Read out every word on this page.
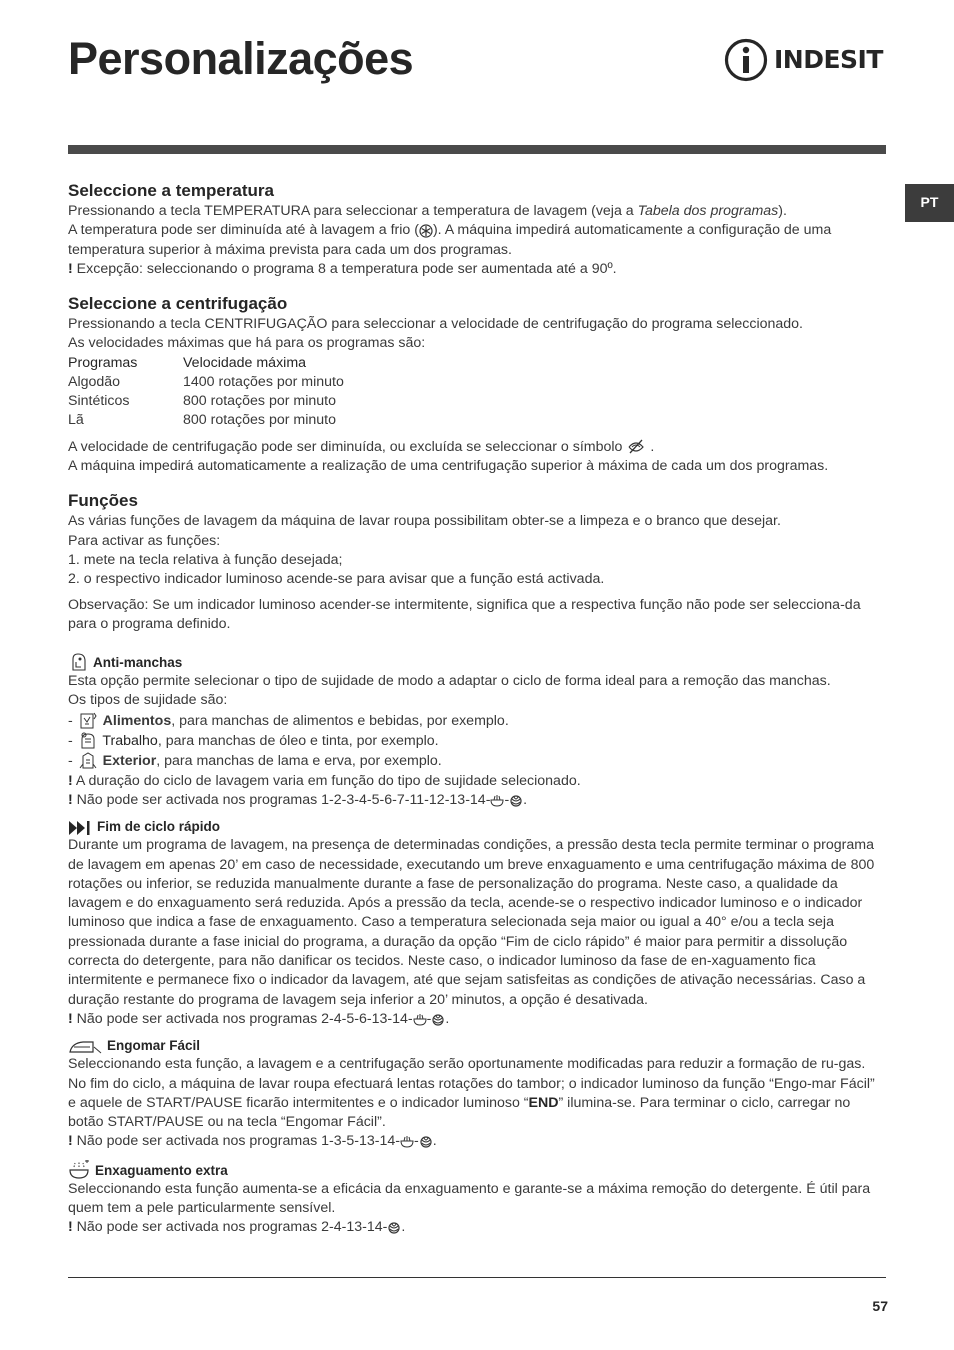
Personalizações	INDESIT
PT
Seleccione a temperatura

Pressionando a tecla TEMPERATURA para seleccionar a temperatura de lavagem (veja a Tabela dos programas).

A temperatura pode ser diminuída até à lavagem a frio ( ). A máquina impedirá automaticamente a configuração de uma temperatura superior à máxima prevista para cada um dos programas.

! Excepção: seleccionando o programa 8 a temperatura pode ser aumentada até a 90º.

Seleccione a centrifugação

Pressionando a tecla CENTRIFUGAÇÃO para seleccionar a velocidade de centrifugação do programa seleccionado.

As velocidades máximas que há para os programas são:

Programas	Velocidade máxima
Algodão	1400 rotações por minuto
Sintéticos	800 rotações por minuto
Lã	800 rotações por minuto

A velocidade de centrifugação pode ser diminuída, ou excluída se seleccionar o símbolo  .

A máquina impedirá automaticamente a realização de uma centrifugação superior à máxima de cada um dos programas.

Funções

As várias funções de lavagem da máquina de lavar roupa possibilitam obter-se a limpeza e o branco que desejar.

Para activar as funções:

1. mete na tecla relativa à função desejada;

2. o respectivo indicador luminoso acende-se para avisar que a função está activada.

Observação: Se um indicador luminoso acender-se intermitente, significa que a respectiva função não pode ser selecciona-da para o programa definido.

Anti-manchas

Esta opção permite selecionar o tipo de sujidade de modo a adaptar o ciclo de forma ideal para a remoção das manchas.

Os tipos de sujidade são:

-  Alimentos, para manchas de alimentos e bebidas, por exemplo.

-  Trabalho, para manchas de óleo e tinta, por exemplo.

-  Exterior, para manchas de lama e erva, por exemplo.

! A duração do ciclo de lavagem varia em função do tipo de sujidade selecionado.

! Não pode ser activada nos programas 1-2-3-4-5-6-7-11-12-13-14- - .

Fim de ciclo rápido

Durante um programa de lavagem, na presença de determinadas condições, a pressão desta tecla permite terminar o programa de lavagem em apenas 20’ em caso de necessidade, executando um breve enxaguamento e uma centrifugação máxima de 800 rotações ou inferior, se reduzida manualmente durante a fase de personalização do programa. Neste caso, a qualidade da lavagem e do enxaguamento será reduzida. Após a pressão da tecla, acende-se o respectivo indicador luminoso e o indicador luminoso que indica a fase de enxaguamento. Caso a temperatura selecionada seja maior ou igual a 40° e/ou a tecla seja pressionada durante a fase inicial do programa, a duração da opção “Fim de ciclo rápido” é maior para permitir a dissolução correcta do detergente, para não danificar os tecidos. Neste caso, o indicador luminoso da fase de en-xaguamento fica intermitente e permanece fixo o indicador da lavagem, até que sejam satisfeitas as condições de ativação necessárias. Caso a duração restante do programa de lavagem seja inferior a 20’ minutos, a opção é desativada.

! Não pode ser activada nos programas 2-4-5-6-13-14- - .

Engomar Fácil

Seleccionando esta função, a lavagem e a centrifugação serão oportunamente modificadas para reduzir a formação de ru-gas. No fim do ciclo, a máquina de lavar roupa efectuará lentas rotações do tambor; o indicador luminoso da função “Engo-mar Fácil” e aquele de START/PAUSE ficarão intermitentes e o indicador luminoso “END” ilumina-se. Para terminar o ciclo, carregar no botão START/PAUSE ou na tecla “Engomar Fácil”.

! Não pode ser activada nos programas 1-3-5-13-14- - .

Enxaguamento extra

Seleccionando esta função aumenta-se a eficácia da enxaguamento e garante-se a máxima remoção do detergente. É útil para quem tem a pele particularmente sensível.

! Não pode ser activada nos programas 2-4-13-14- .

57
